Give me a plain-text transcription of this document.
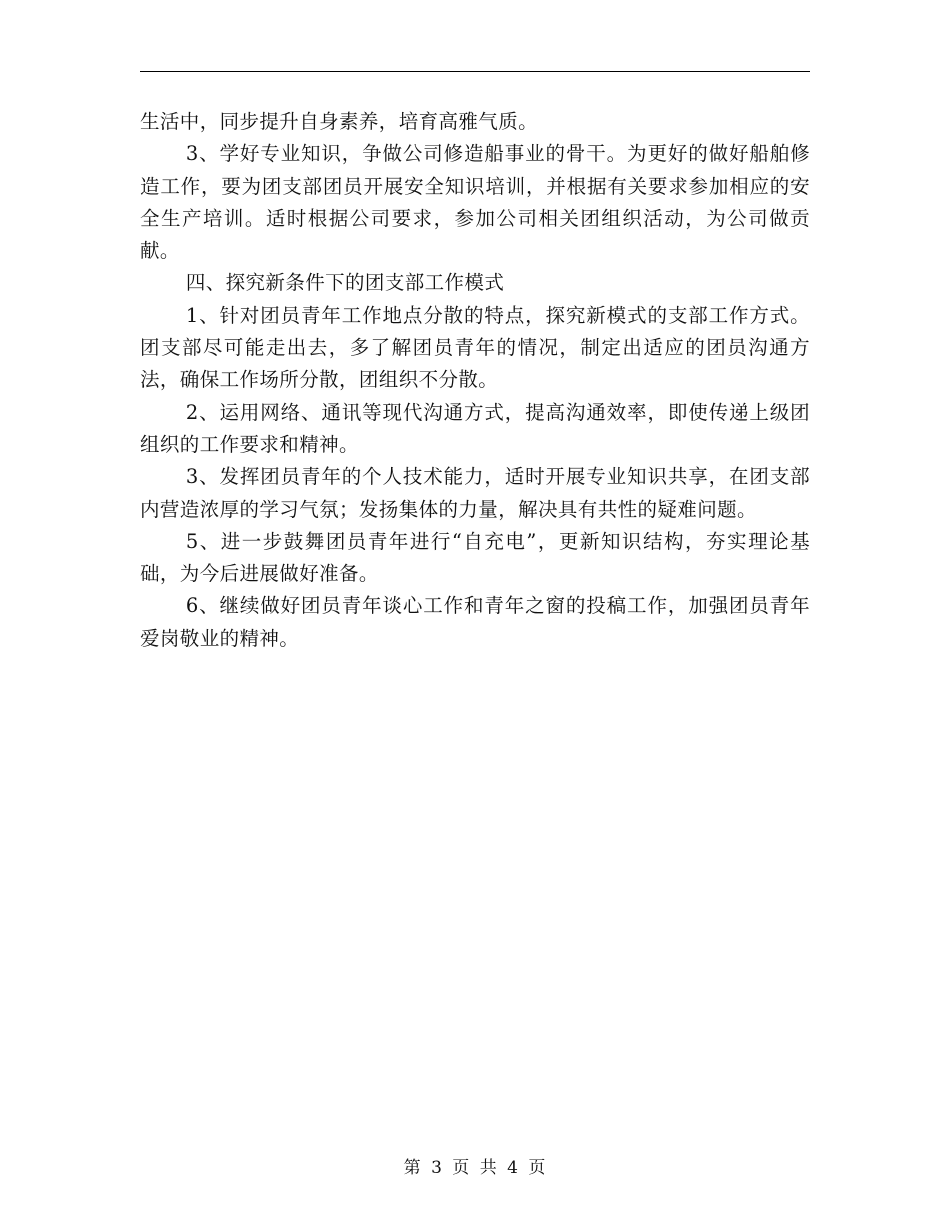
生活中，同步提升自身素养，培育高雅气质。

3、学好专业知识，争做公司修造船事业的骨干。为更好的做好船舶修造工作，要为团支部团员开展安全知识培训，并根据有关要求参加相应的安全生产培训。适时根据公司要求，参加公司相关团组织活动，为公司做贡献。

四、探究新条件下的团支部工作模式

1、针对团员青年工作地点分散的特点，探究新模式的支部工作方式。团支部尽可能走出去，多了解团员青年的情况，制定出适应的团员沟通方法，确保工作场所分散，团组织不分散。

2、运用网络、通讯等现代沟通方式，提高沟通效率，即使传递上级团组织的工作要求和精神。

3、发挥团员青年的个人技术能力，适时开展专业知识共享，在团支部内营造浓厚的学习气氛；发扬集体的力量，解决具有共性的疑难问题。

5、进一步鼓舞团员青年进行“自充电”，更新知识结构，夯实理论基础，为今后进展做好准备。

6、继续做好团员青年谈心工作和青年之窗的投稿工作，加强团员青年爱岗敬业的精神。

第 3 页 共 4 页
